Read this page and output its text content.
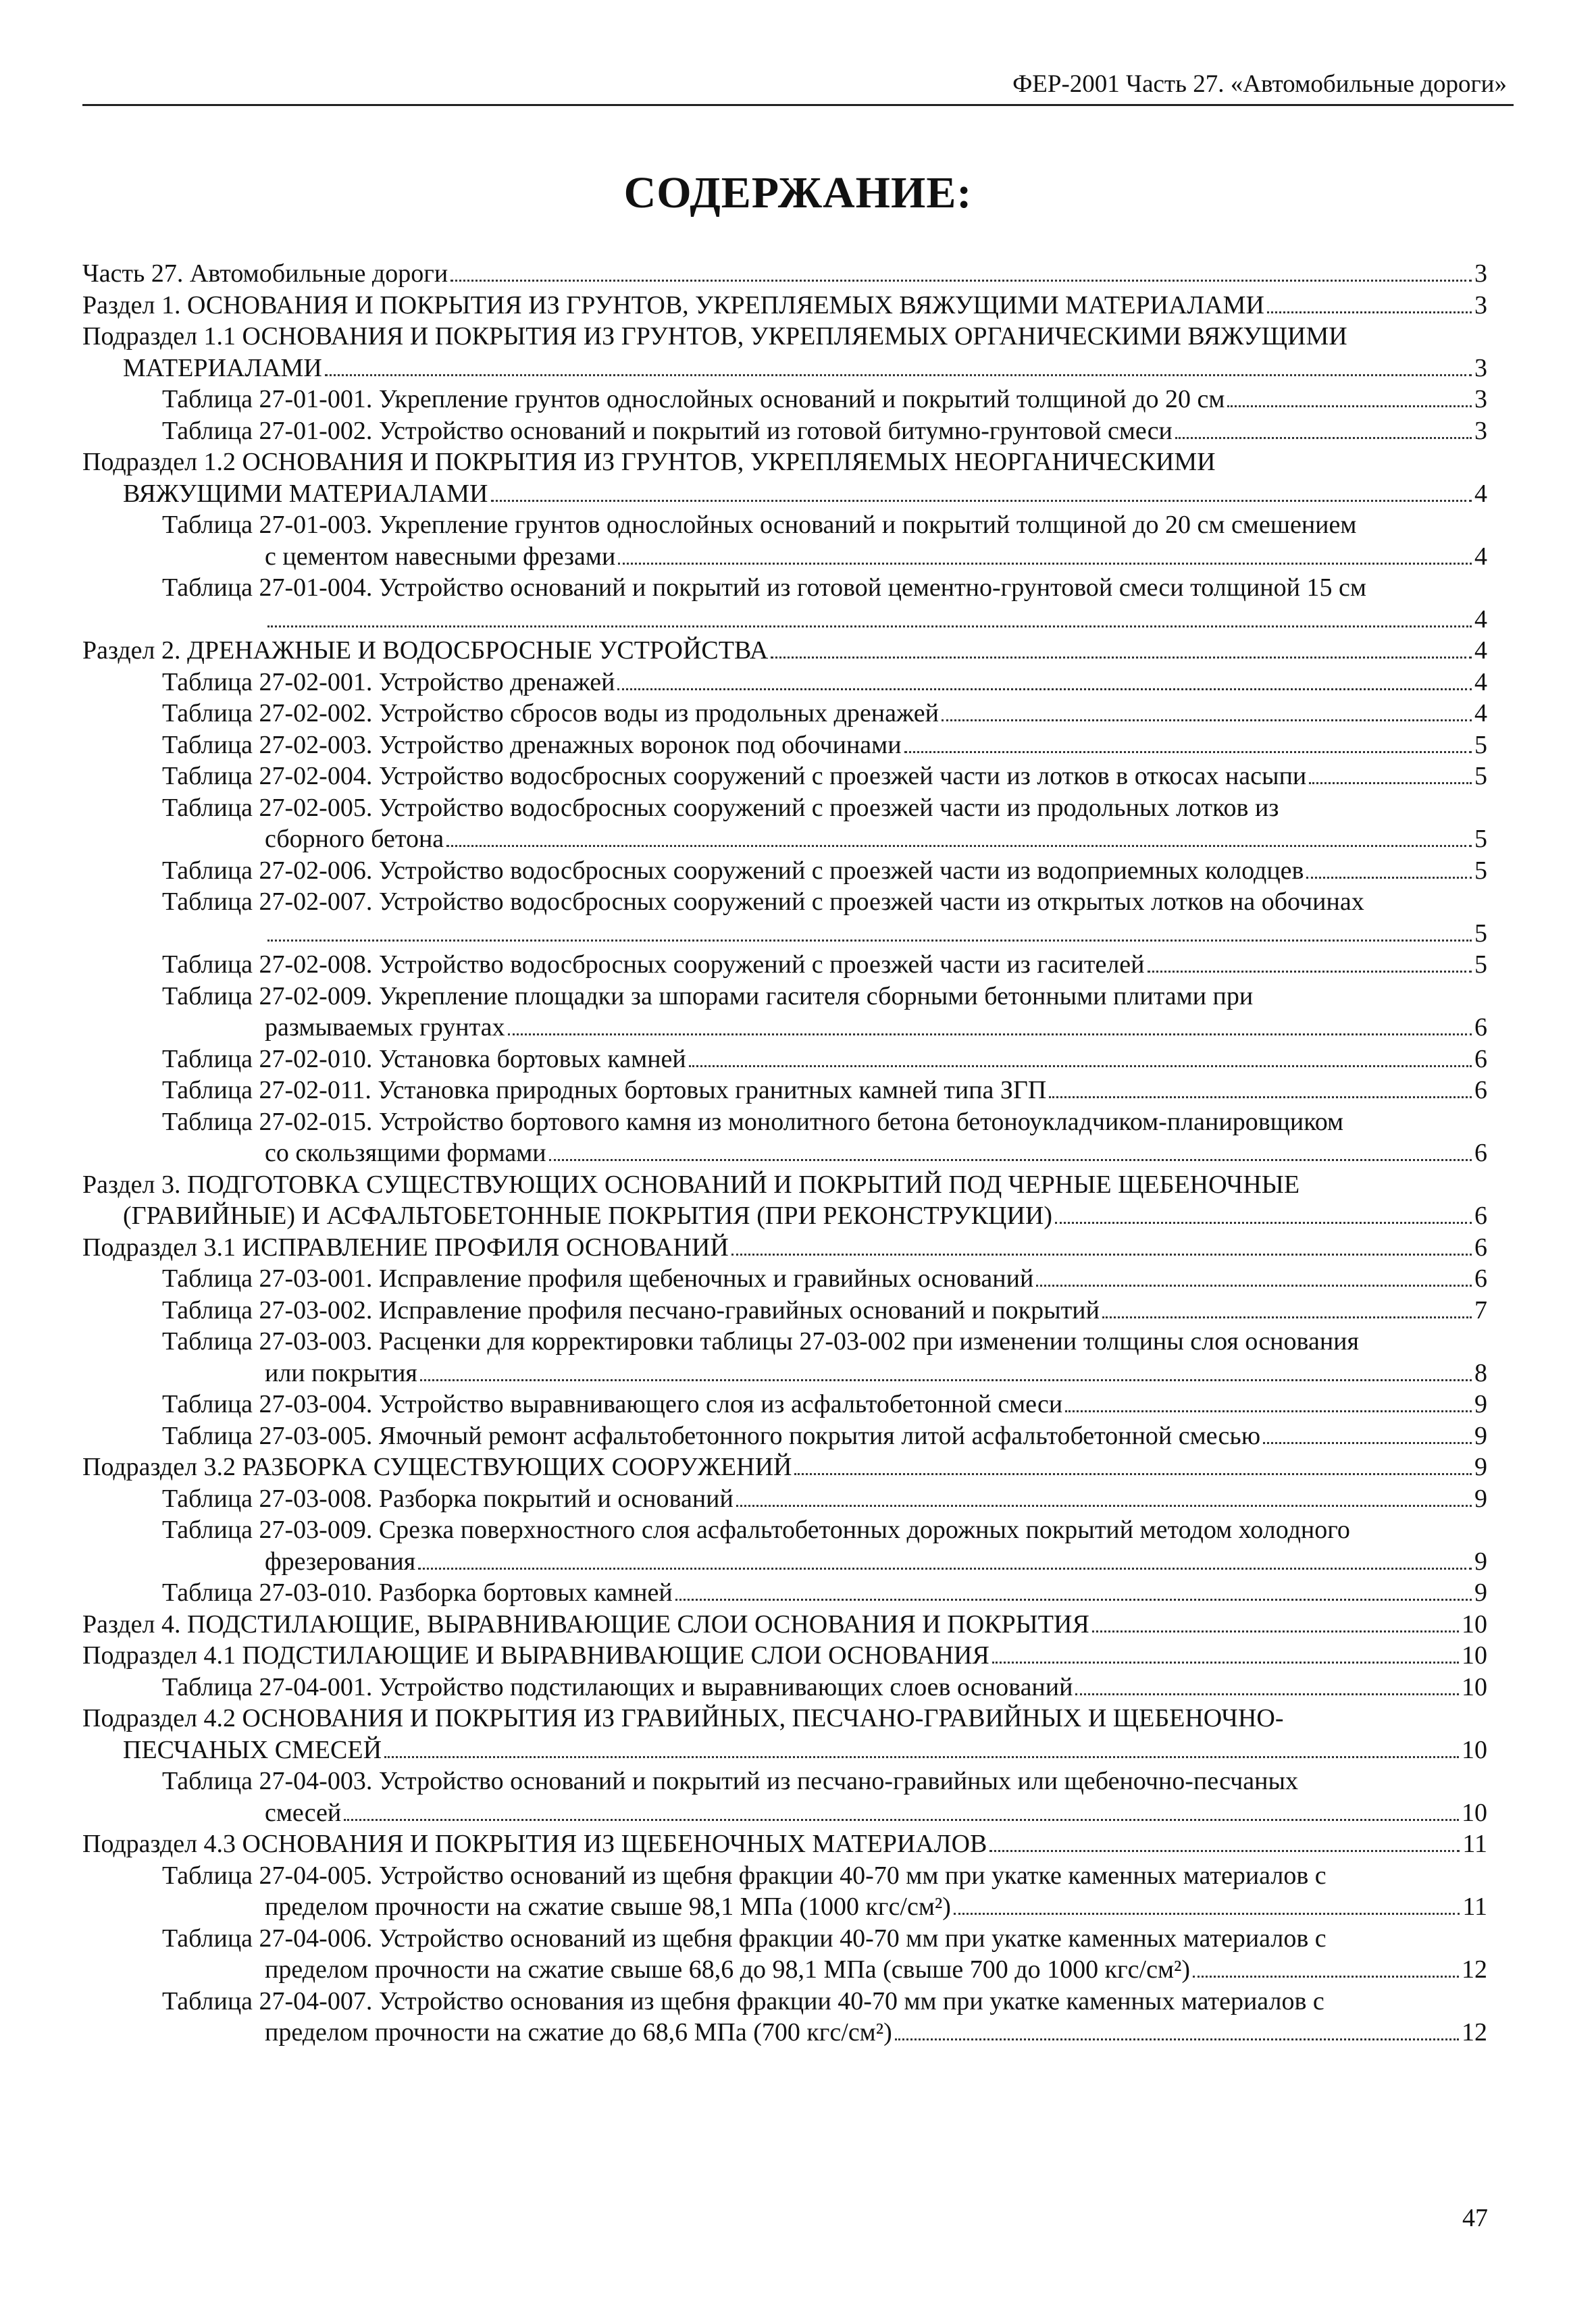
ФЕР-2001 Часть 27. «Автомобильные дороги»
СОДЕРЖАНИЕ:
Часть 27. Автомобильные дороги	3
Раздел 1. ОСНОВАНИЯ И ПОКРЫТИЯ ИЗ ГРУНТОВ, УКРЕПЛЯЕМЫХ ВЯЖУЩИМИ МАТЕРИАЛАМИ	3
Подраздел 1.1 ОСНОВАНИЯ И ПОКРЫТИЯ ИЗ ГРУНТОВ, УКРЕПЛЯЕМЫХ ОРГАНИЧЕСКИМИ ВЯЖУЩИМИ
МАТЕРИАЛАМИ	3
Таблица 27-01-001. Укрепление грунтов однослойных оснований и покрытий толщиной до 20 см	3
Таблица 27-01-002. Устройство оснований и покрытий из готовой битумно-грунтовой смеси	3
Подраздел 1.2 ОСНОВАНИЯ И ПОКРЫТИЯ ИЗ ГРУНТОВ, УКРЕПЛЯЕМЫХ НЕОРГАНИЧЕСКИМИ
ВЯЖУЩИМИ МАТЕРИАЛАМИ	4
Таблица 27-01-003. Укрепление грунтов однослойных оснований и покрытий толщиной до 20 см смешением
с цементом навесными фрезами	4
Таблица 27-01-004. Устройство оснований и покрытий из готовой цементно-грунтовой смеси толщиной 15 см
4
Раздел 2. ДРЕНАЖНЫЕ И ВОДОСБРОСНЫЕ УСТРОЙСТВА	4
Таблица 27-02-001. Устройство дренажей	4
Таблица 27-02-002. Устройство сбросов воды из продольных дренажей	4
Таблица 27-02-003. Устройство дренажных воронок под обочинами	5
Таблица 27-02-004. Устройство водосбросных сооружений с проезжей части из лотков в откосах насыпи	5
Таблица 27-02-005. Устройство водосбросных сооружений с проезжей части из продольных лотков из
сборного бетона	5
Таблица 27-02-006. Устройство водосбросных сооружений с проезжей части из водоприемных колодцев	5
Таблица 27-02-007. Устройство водосбросных сооружений с проезжей части из открытых лотков на обочинах
5
Таблица 27-02-008. Устройство водосбросных сооружений с проезжей части из гасителей	5
Таблица 27-02-009. Укрепление площадки за шпорами гасителя сборными бетонными плитами при
размываемых грунтах	6
Таблица 27-02-010. Установка бортовых камней	6
Таблица 27-02-011. Установка природных бортовых гранитных камней типа ЗГП	6
Таблица 27-02-015. Устройство бортового камня из монолитного бетона бетоноукладчиком-планировщиком
со скользящими формами	6
Раздел 3. ПОДГОТОВКА СУЩЕСТВУЮЩИХ ОСНОВАНИЙ И ПОКРЫТИЙ ПОД ЧЕРНЫЕ ЩЕБЕНОЧНЫЕ
(ГРАВИЙНЫЕ) И АСФАЛЬТОБЕТОННЫЕ ПОКРЫТИЯ (ПРИ РЕКОНСТРУКЦИИ)	6
Подраздел 3.1 ИСПРАВЛЕНИЕ ПРОФИЛЯ ОСНОВАНИЙ	6
Таблица 27-03-001. Исправление профиля щебеночных и гравийных оснований	6
Таблица 27-03-002. Исправление профиля песчано-гравийных оснований и покрытий	7
Таблица 27-03-003. Расценки для корректировки таблицы 27-03-002 при изменении толщины слоя основания
или покрытия	8
Таблица 27-03-004. Устройство выравнивающего слоя из асфальтобетонной смеси	9
Таблица 27-03-005. Ямочный ремонт асфальтобетонного покрытия литой асфальтобетонной смесью	9
Подраздел 3.2 РАЗБОРКА СУЩЕСТВУЮЩИХ СООРУЖЕНИЙ	9
Таблица 27-03-008. Разборка покрытий и оснований	9
Таблица 27-03-009. Срезка поверхностного слоя асфальтобетонных дорожных покрытий методом холодного
фрезерования	9
Таблица 27-03-010. Разборка бортовых камней	9
Раздел 4. ПОДСТИЛАЮЩИЕ, ВЫРАВНИВАЮЩИЕ СЛОИ ОСНОВАНИЯ И ПОКРЫТИЯ	10
Подраздел 4.1 ПОДСТИЛАЮЩИЕ И ВЫРАВНИВАЮЩИЕ СЛОИ ОСНОВАНИЯ	10
Таблица 27-04-001. Устройство подстилающих и выравнивающих слоев оснований	10
Подраздел 4.2 ОСНОВАНИЯ И ПОКРЫТИЯ ИЗ ГРАВИЙНЫХ, ПЕСЧАНО-ГРАВИЙНЫХ И ЩЕБЕНОЧНО-
ПЕСЧАНЫХ СМЕСЕЙ	10
Таблица 27-04-003. Устройство оснований и покрытий из песчано-гравийных или щебеночно-песчаных
смесей	10
Подраздел 4.3 ОСНОВАНИЯ И ПОКРЫТИЯ ИЗ ЩЕБЕНОЧНЫХ МАТЕРИАЛОВ	11
Таблица 27-04-005. Устройство оснований из щебня фракции 40-70 мм при укатке каменных материалов с
пределом прочности на сжатие свыше 98,1 МПа (1000 кгс/см²)	11
Таблица 27-04-006. Устройство оснований из щебня фракции 40-70 мм при укатке каменных материалов с
пределом прочности на сжатие свыше 68,6 до 98,1 МПа (свыше 700 до 1000 кгс/см²)	12
Таблица 27-04-007. Устройство основания из щебня фракции 40-70 мм при укатке каменных материалов с
пределом прочности на сжатие до 68,6 МПа (700 кгс/см²)	12
47
